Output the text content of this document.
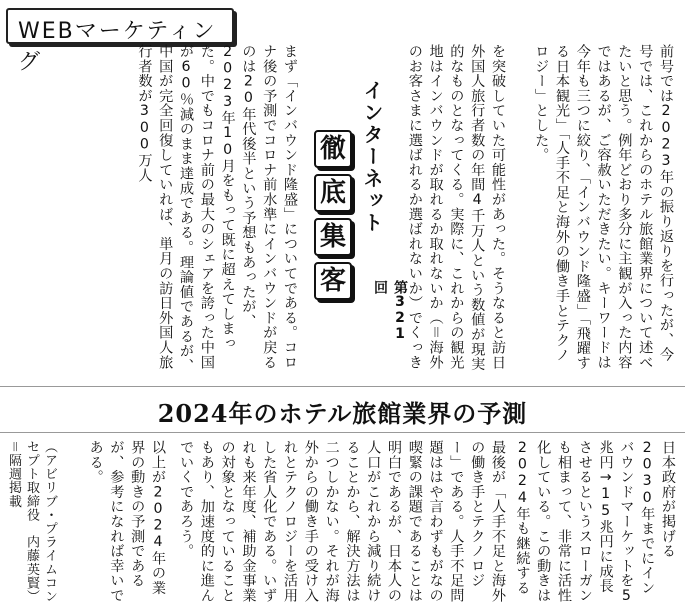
WEBマーケティング	前号では2023年の振り返りを行ったが、今号では、これからのホテル旅館業界について述べたいと思う。例年どおり多分に主観が入った内容ではあるが、ご容赦いただきたい。キーワードは今年も三つに絞り、「インバウンド隆盛」「飛躍する日本観光」「人手不足と海外の働き手とテクノロジー」とした。
まず「インバウンド隆盛」についてである。コロナ後の予測でコロナ前水準にインバウンドが戻るのは20年代後半という予想もあったが、2023年10月をもって既に超えてしまった。中でもコロナ前の最大のシェアを誇った中国が60％減のまま達成である。理論値であるが、中国が完全回復していれば、単月の訪日外国人旅行者数が300万人	を突破していた可能性があった。そうなると訪日外国人旅行者数の年間4千万人という数値が現実的なものとなってくる。実際に、これからの観光地はインバウンドが取れるか取れないか（＝海外のお客さまに選ばれるか選ばれないか）でくっき
インターネット
徹
底
集
客	第321回
2024年のホテル旅館業界の予測
日本政府が掲げる2030年までにインバウンドマーケットを5兆円→15兆円に成長させるというスローガンも相まって、非常に活性化している。この動きは2024年も継続する
最後が「人手不足と海外の働き手とテクノロジー」である。人手不足問題ははや言わずもがなの喫緊の課題であることは明白であるが、日本人の人口がこれから減り続けることから、解決方法は二つしかない。それが海外からの働き手の受け入れとテクノロジーを活用した省人化である。いずれも来年度、補助金事業の対象となっていることもあり、加速度的に進んでいくであろう。
以上が2024年の業界の動きの予測であるが、参考になれば幸いである。
（アビリブ・プライムコンセプト取締役　内藤英賢）＝隔週掲載
